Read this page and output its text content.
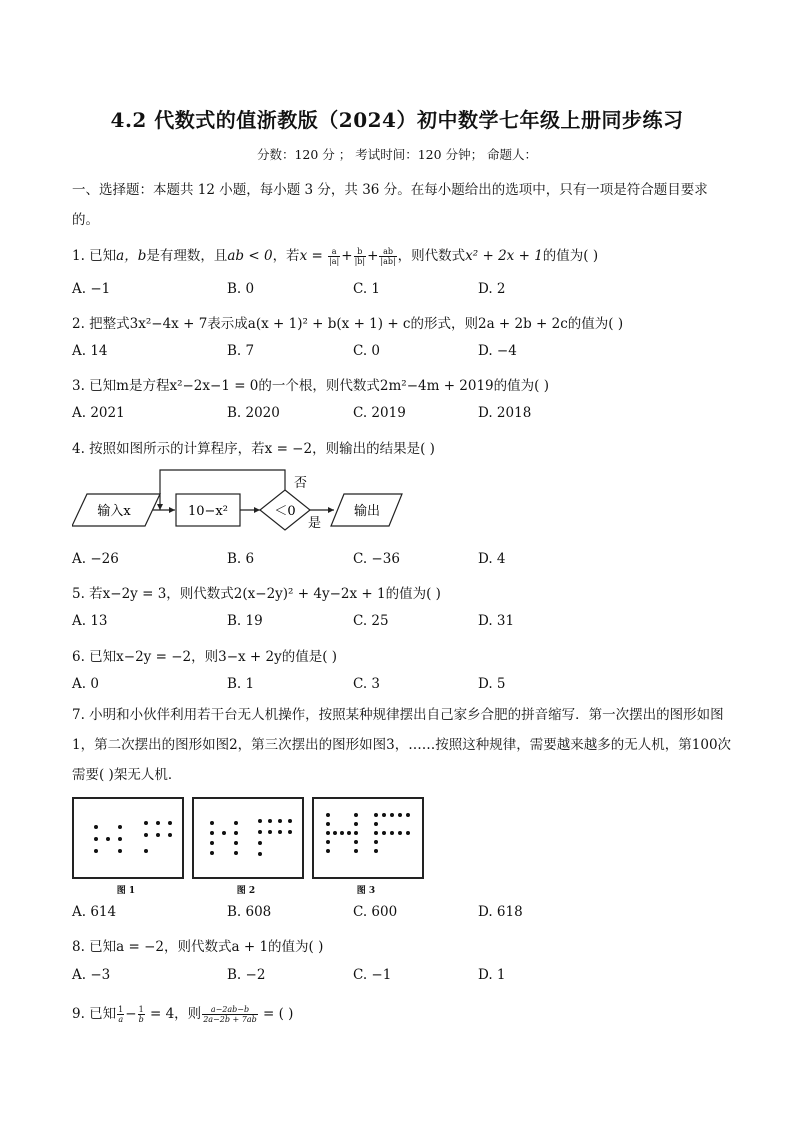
4.2 代数式的值浙教版（2024）初中数学七年级上册同步练习
分数：120 分 ； 考试时间：120 分钟； 命题人：
一、选择题：本题共 12 小题，每小题 3 分，共 36 分。在每小题给出的选项中，只有一项是符合题目要求的。
1. 已知a，b是有理数，且ab < 0，若$x = \frac{a}{|a|} + \frac{b}{|b|} + \frac{ab}{|ab|}$ ，则代数式x² + 2x + 1的值为( )
A. −1	B. 0	C. 1	D. 2
2. 把整式3x²−4x + 7表示成a(x + 1)² + b(x + 1) + c的形式，则2a + 2b + 2c的值为( )
A. 14	B. 7	C. 0	D. −4
3. 已知m是方程x²−2x−1 = 0的一个根，则代数式2m²−4m + 2019的值为( )
A. 2021	B. 2020	C. 2019	D. 2018
4. 按照如图所示的计算程序，若x = −2，则输出的结果是( )
输入x	10−x²	＜0
否
是
输出
A. −26	B. 6	C. −36	D. 4
5. 若x−2y = 3，则代数式2(x−2y)² + 4y−2x + 1的值为( )
A. 13	B. 19	C. 25	D. 31
6. 已知x−2y = −2，则3−x + 2y的值是( )
A. 0	B. 1	C. 3	D. 5
7. 小明和小伙伴利用若干台无人机操作，按照某种规律摆出自己家乡合肥的拼音缩写．第一次摆出的图形如图1，第二次摆出的图形如图2，第三次摆出的图形如图3，……按照这种规律，需要越来越多的无人机，第100次需要( )架无人机．
图 1	图 2	图 3
A. 614	B. 608	C. 600	D. 618
8. 已知a = −2，则代数式a + 1的值为( )
A. −3	B. −2	C. −1	D. 1
9. 已知 $\frac{1}{a} - \frac{1}{b} = 4$，则 $\frac{a-2ab-b}{2a-2b + 7ab}$ = ( )
